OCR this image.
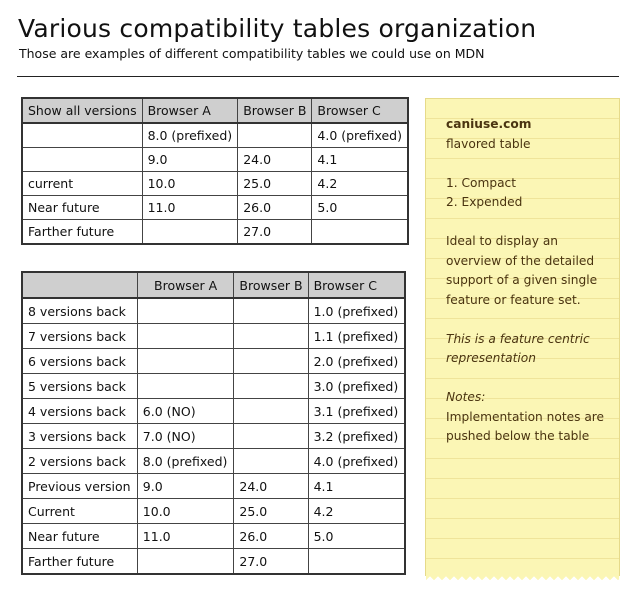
Various compatibility tables organization
Those are examples of different compatibility tables we could use on MDN
Show all versions	Browser A	Browser B	Browser C
	8.0 (prefixed)		4.0 (prefixed)
	9.0	24.0	4.1
current	10.0	25.0	4.2
Near future	11.0	26.0	5.0
Farther future		27.0	
	Browser A	Browser B	Browser C
8 versions back			1.0 (prefixed)
7 versions back			1.1 (prefixed)
6 versions back			2.0 (prefixed)
5 versions back			3.0 (prefixed)
4 versions back	6.0 (NO)		3.1 (prefixed)
3 versions back	7.0 (NO)		3.2 (prefixed)
2 versions back	8.0 (prefixed)		4.0 (prefixed)
Previous version	9.0	24.0	4.1
Current	10.0	25.0	4.2
Near future	11.0	26.0	5.0
Farther future		27.0	

caniuse.com

flavored table

1. Compact

2. Expended

Ideal to display an

overview of the detailed

support of a given single

feature or feature set.

This is a feature centric

representation

Notes:

Implementation notes are

pushed below the table
